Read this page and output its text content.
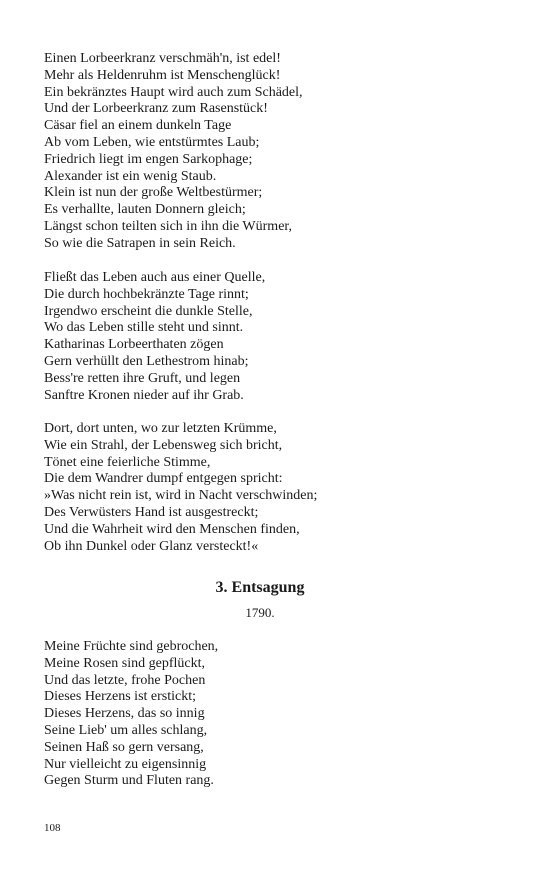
Einen Lorbeerkranz verschmäh'n, ist edel!
Mehr als Heldenruhm ist Menschenglück!
Ein bekränztes Haupt wird auch zum Schädel,
Und der Lorbeerkranz zum Rasenstück!
Cäsar fiel an einem dunkeln Tage
Ab vom Leben, wie entstürmtes Laub;
Friedrich liegt im engen Sarkophage;
Alexander ist ein wenig Staub.
Klein ist nun der große Weltbestürmer;
Es verhallte, lauten Donnern gleich;
Längst schon teilten sich in ihn die Würmer,
So wie die Satrapen in sein Reich.
Fließt das Leben auch aus einer Quelle,
Die durch hochbekränzte Tage rinnt;
Irgendwo erscheint die dunkle Stelle,
Wo das Leben stille steht und sinnt.
Katharinas Lorbeerthaten zögen
Gern verhüllt den Lethestrom hinab;
Bess're retten ihre Gruft, und legen
Sanftre Kronen nieder auf ihr Grab.
Dort, dort unten, wo zur letzten Krümme,
Wie ein Strahl, der Lebensweg sich bricht,
Tönet eine feierliche Stimme,
Die dem Wandrer dumpf entgegen spricht:
»Was nicht rein ist, wird in Nacht verschwinden;
Des Verwüsters Hand ist ausgestreckt;
Und die Wahrheit wird den Menschen finden,
Ob ihn Dunkel oder Glanz versteckt!«
3. Entsagung
1790.
Meine Früchte sind gebrochen,
Meine Rosen sind gepflückt,
Und das letzte, frohe Pochen
Dieses Herzens ist erstickt;
Dieses Herzens, das so innig
Seine Lieb' um alles schlang,
Seinen Haß so gern versang,
Nur vielleicht zu eigensinnig
Gegen Sturm und Fluten rang.
108
